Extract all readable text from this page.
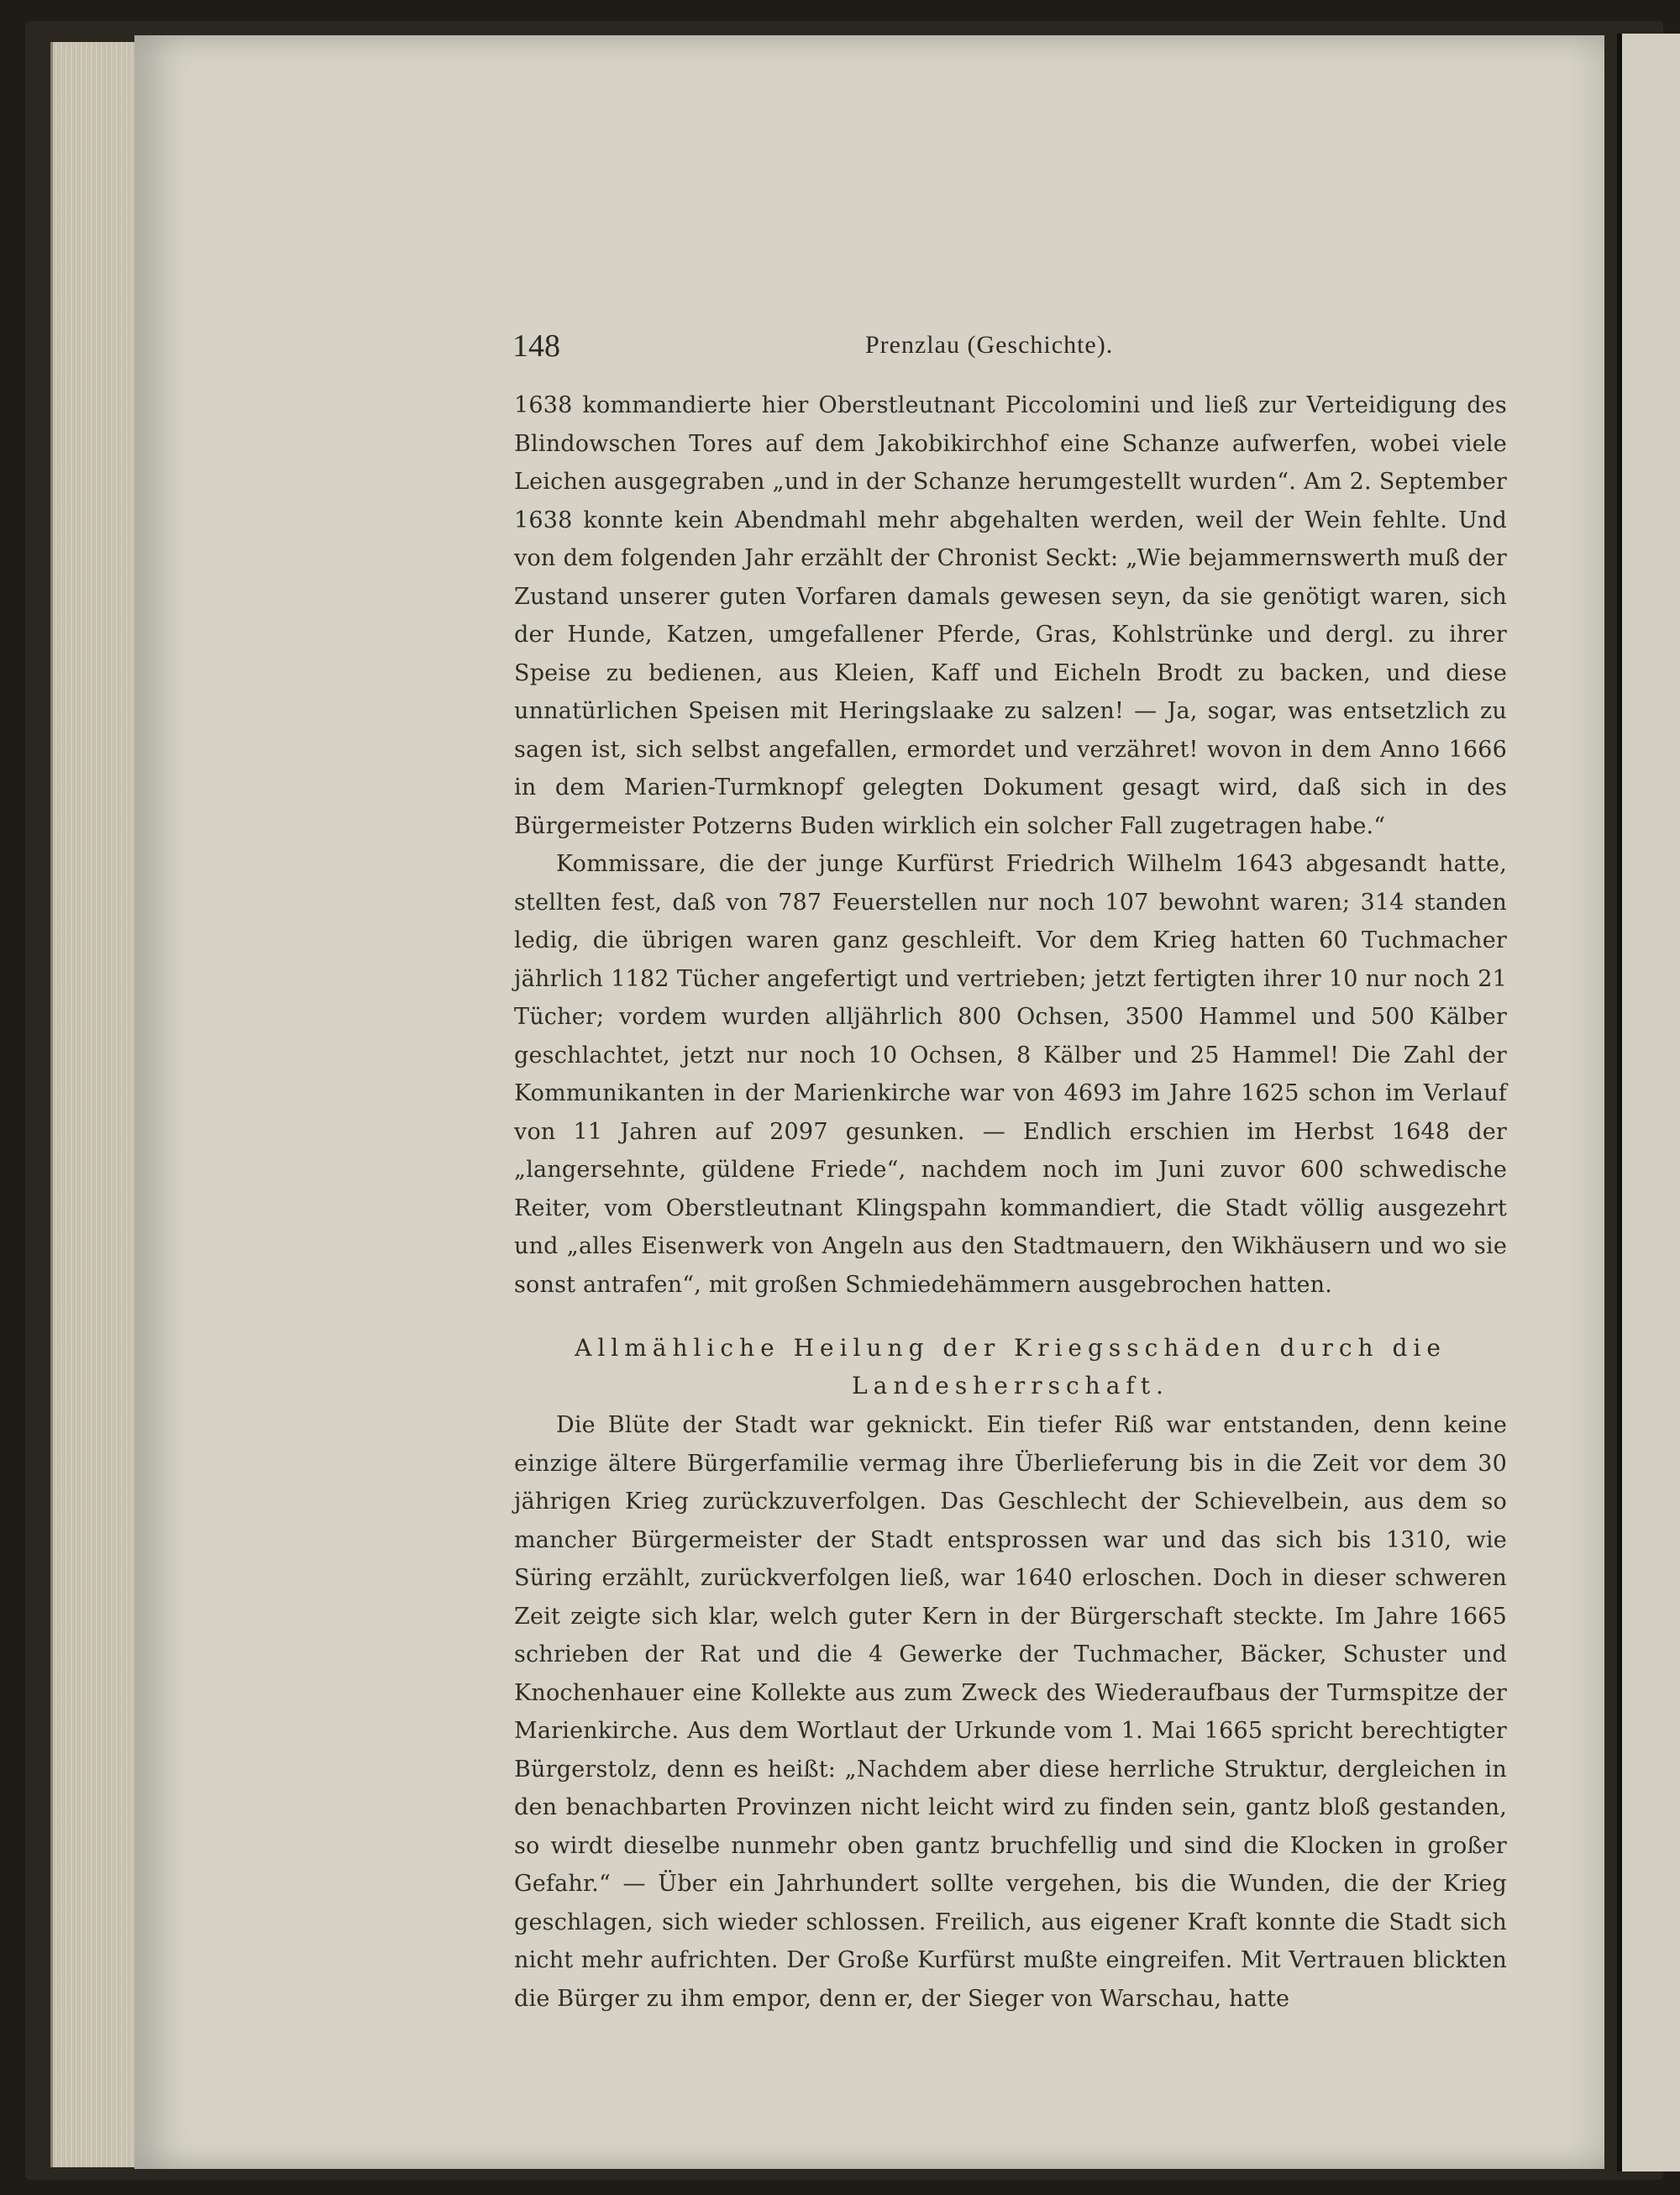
148	Prenzlau (Geschichte).

1638 kommandierte hier Oberstleutnant Piccolomini und ließ zur Verteidigung des Blindowschen Tores auf dem Jakobikirchhof eine Schanze aufwerfen, wobei viele Leichen ausgegraben „und in der Schanze herumgestellt wurden“. Am 2. September 1638 konnte kein Abendmahl mehr abgehalten werden, weil der Wein fehlte. Und von dem folgenden Jahr erzählt der Chronist Seckt: „Wie bejammernswerth muß der Zustand unserer guten Vorfaren damals gewesen seyn, da sie genötigt waren, sich der Hunde, Katzen, umgefallener Pferde, Gras, Kohlstrünke und dergl. zu ihrer Speise zu bedienen, aus Kleien, Kaff und Eicheln Brodt zu backen, und diese unnatürlichen Speisen mit Heringslaake zu salzen! — Ja, sogar, was entsetzlich zu sagen ist, sich selbst angefallen, ermordet und verzähret! wovon in dem Anno 1666 in dem Marien-Turmknopf gelegten Dokument gesagt wird, daß sich in des Bürgermeister Potzerns Buden wirklich ein solcher Fall zugetragen habe.“

Kommissare, die der junge Kurfürst Friedrich Wilhelm 1643 abgesandt hatte, stellten fest, daß von 787 Feuerstellen nur noch 107 bewohnt waren; 314 standen ledig, die übrigen waren ganz geschleift. Vor dem Krieg hatten 60 Tuchmacher jährlich 1182 Tücher angefertigt und vertrieben; jetzt fertigten ihrer 10 nur noch 21 Tücher; vordem wurden alljährlich 800 Ochsen, 3500 Hammel und 500 Kälber geschlachtet, jetzt nur noch 10 Ochsen, 8 Kälber und 25 Hammel! Die Zahl der Kommunikanten in der Marienkirche war von 4693 im Jahre 1625 schon im Verlauf von 11 Jahren auf 2097 gesunken. — Endlich erschien im Herbst 1648 der „langersehnte, güldene Friede“, nachdem noch im Juni zuvor 600 schwedische Reiter, vom Oberstleutnant Klingspahn kommandiert, die Stadt völlig ausgezehrt und „alles Eisenwerk von Angeln aus den Stadtmauern, den Wikhäusern und wo sie sonst antrafen“, mit großen Schmiedehämmern ausgebrochen hatten.

Allmähliche Heilung der Kriegsschäden durch die
Landesherrschaft.

Die Blüte der Stadt war geknickt. Ein tiefer Riß war entstanden, denn keine einzige ältere Bürgerfamilie vermag ihre Überlieferung bis in die Zeit vor dem 30 jährigen Krieg zurückzuverfolgen. Das Geschlecht der Schievelbein, aus dem so mancher Bürgermeister der Stadt entsprossen war und das sich bis 1310, wie Süring erzählt, zurückverfolgen ließ, war 1640 erloschen. Doch in dieser schweren Zeit zeigte sich klar, welch guter Kern in der Bürgerschaft steckte. Im Jahre 1665 schrieben der Rat und die 4 Gewerke der Tuchmacher, Bäcker, Schuster und Knochenhauer eine Kollekte aus zum Zweck des Wiederaufbaus der Turmspitze der Marienkirche. Aus dem Wortlaut der Urkunde vom 1. Mai 1665 spricht berechtigter Bürgerstolz, denn es heißt: „Nachdem aber diese herrliche Struktur, dergleichen in den benachbarten Provinzen nicht leicht wird zu finden sein, gantz bloß gestanden, so wirdt dieselbe nunmehr oben gantz bruchfellig und sind die Klocken in großer Gefahr.“ — Über ein Jahrhundert sollte vergehen, bis die Wunden, die der Krieg geschlagen, sich wieder schlossen. Freilich, aus eigener Kraft konnte die Stadt sich nicht mehr aufrichten. Der Große Kurfürst mußte eingreifen. Mit Vertrauen blickten die Bürger zu ihm empor, denn er, der Sieger von Warschau, hatte
